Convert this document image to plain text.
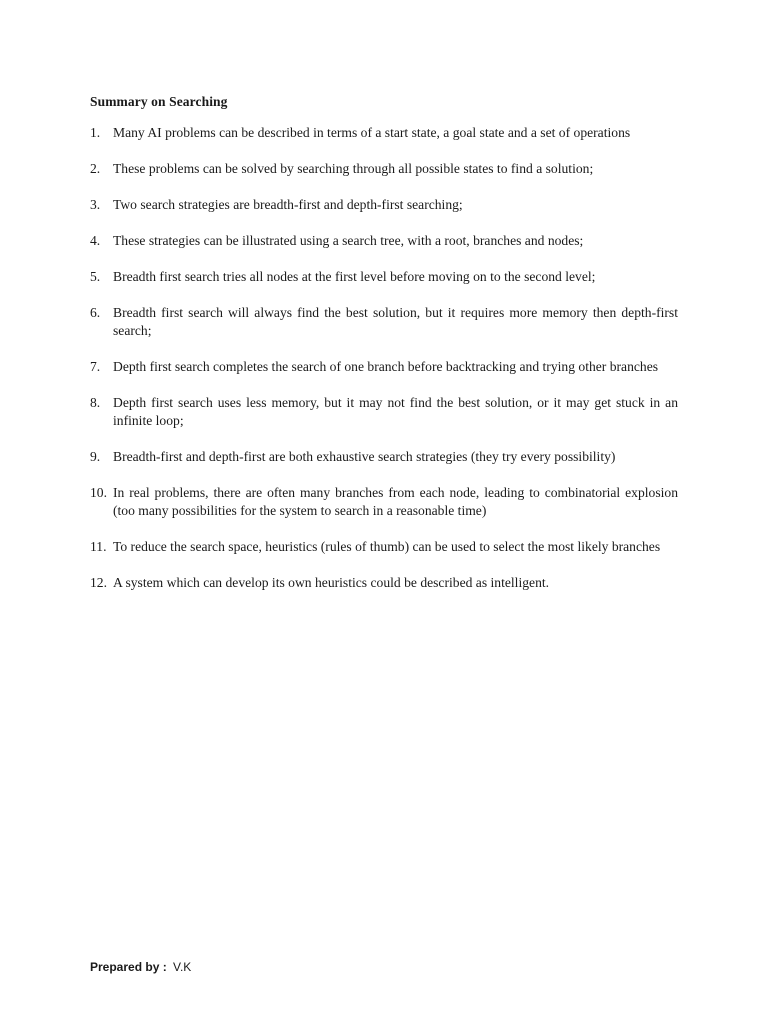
Summary on Searching
1. Many AI problems can be described in terms of a start state, a goal state and a set of operations
2. These problems can be solved by searching through all possible states to find a solution;
3. Two search strategies are breadth-first and depth-first searching;
4. These strategies can be illustrated using a search tree, with a root, branches and nodes;
5. Breadth first search tries all nodes at the first level before moving on to the second level;
6. Breadth first search will always find the best solution, but it requires more memory then depth-first search;
7. Depth first search completes the search of one branch before backtracking and trying other branches
8. Depth first search uses less memory, but it may not find the best solution, or it may get stuck in an infinite loop;
9. Breadth-first and depth-first are both exhaustive search strategies (they try every possibility)
10. In real problems, there are often many branches from each node, leading to combinatorial explosion (too many possibilities for the system to search in a reasonable time)
11. To reduce the search space, heuristics (rules of thumb) can be used to select the most likely branches
12. A system which can develop its own heuristics could be described as intelligent.
Prepared by : V.K
